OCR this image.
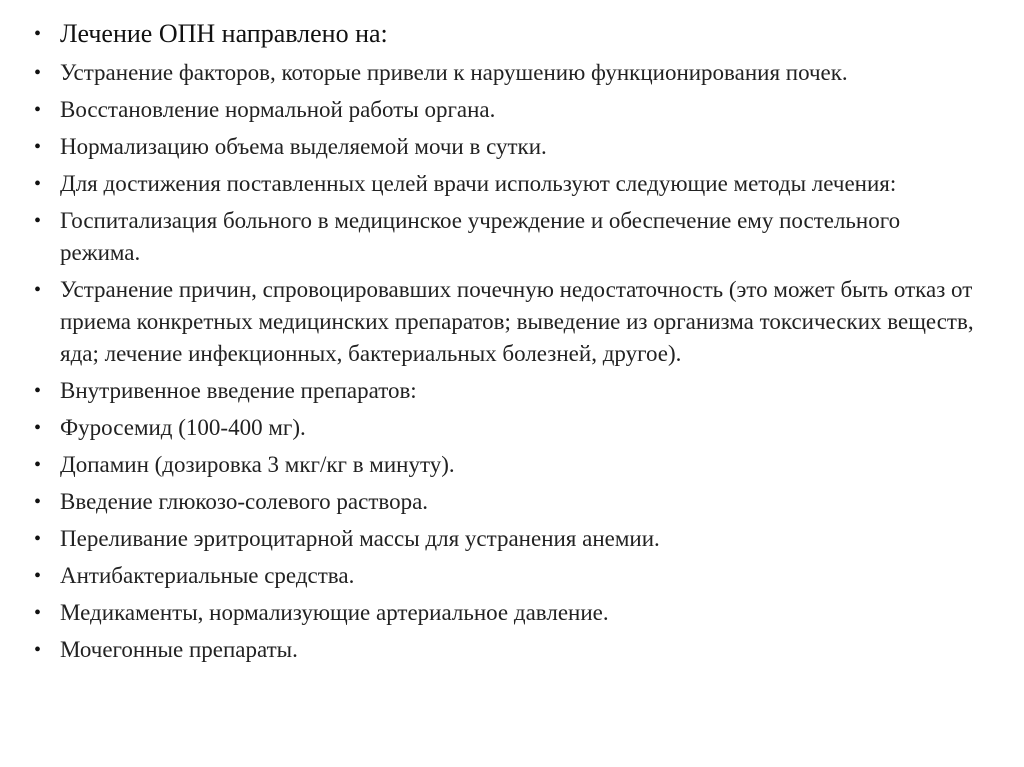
• Лечение ОПН направлено на:
• Устранение факторов, которые привели к нарушению функционирования почек.
• Восстановление нормальной работы органа.
• Нормализацию объема выделяемой мочи в сутки.
• Для достижения поставленных целей врачи используют следующие методы лечения:
• Госпитализация больного в медицинское учреждение и обеспечение ему постельного режима.
• Устранение причин, спровоцировавших почечную недостаточность (это может быть отказ от приема конкретных медицинских препаратов; выведение из организма токсических веществ, яда; лечение инфекционных, бактериальных болезней, другое).
• Внутривенное введение препаратов:
• Фуросемид (100-400 мг).
• Допамин (дозировка 3 мкг/кг в минуту).
• Введение глюкозо-солевого раствора.
• Переливание эритроцитарной массы для устранения анемии.
• Антибактериальные средства.
• Медикаменты, нормализующие артериальное давление.
• Мочегонные препараты.
